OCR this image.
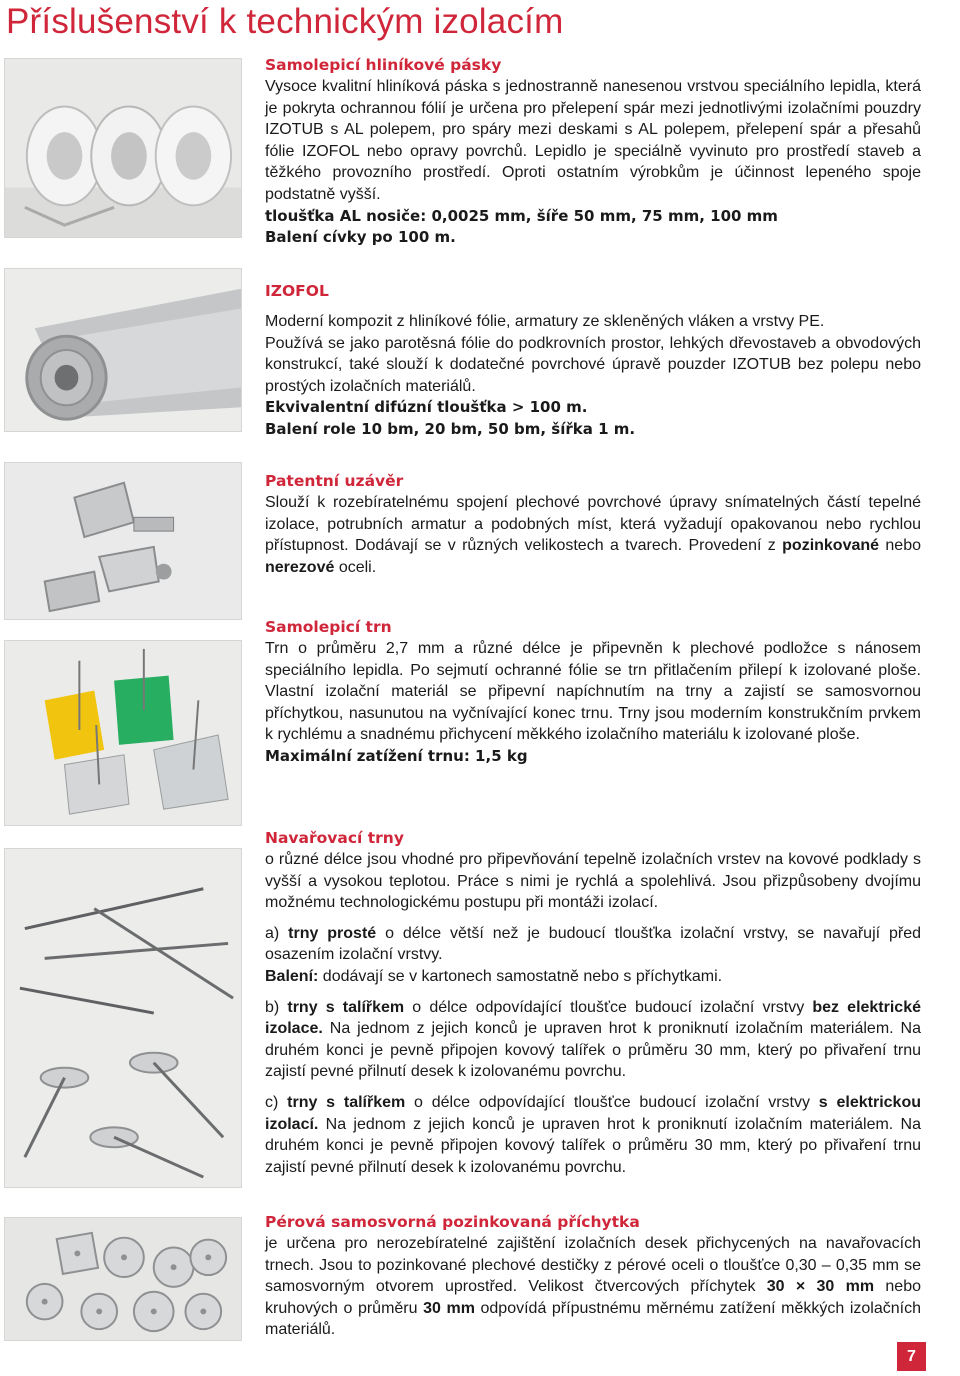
Příslušenství k technickým izolacím

Samolepicí hliníkové pásky

Vysoce kvalitní hliníková páska s jednostranně nanesenou vrstvou speciálního lepidla, která je pokryta ochrannou fólií je určena pro přelepení spár mezi jednotlivými izolačními pouzdry IZOTUB s AL polepem, pro spáry mezi deskami s AL polepem, přelepení spár a přesahů fólie IZOFOL nebo opravy povrchů. Lepidlo je speciálně vyvinuto pro prostředí staveb a těžkého provozního prostředí. Oproti ostatním výrobkům je účinnost lepeného spoje podstatně vyšší.

tloušťka AL nosiče: 0,0025 mm, šíře 50 mm, 75 mm, 100 mm

Balení cívky po 100 m.

IZOFOL

Moderní kompozit z hliníkové fólie, armatury ze skleněných vláken a vrstvy PE.

Používá se jako parotěsná fólie do podkrovních prostor, lehkých dřevostaveb a obvodových konstrukcí, také slouží k dodatečné povrchové úpravě pouzder IZOTUB bez polepu nebo prostých izolačních materiálů.

Ekvivalentní difúzní tloušťka > 100 m.

Balení role 10 bm, 20 bm, 50 bm, šířka 1 m.

Patentní uzávěr

Slouží k rozebíratelnému spojení plechové povrchové úpravy snímatelných částí tepelné izolace, potrubních armatur a podobných míst, která vyžadují opakovanou nebo rychlou přístupnost. Dodávají se v různých velikostech a tvarech. Provedení z pozinkované nebo nerezové oceli.

Samolepicí trn

Trn o průměru 2,7 mm a různé délce je připevněn k plechové podložce s nánosem speciálního lepidla. Po sejmutí ochranné fólie se trn přitlačením přilepí k izolované ploše. Vlastní izolační materiál se připevní napíchnutím na trny a zajistí se samosvornou příchytkou, nasunutou na vyčnívající konec trnu. Trny jsou moderním konstrukčním prvkem k rychlému a snadnému přichycení měkkého izolačního materiálu k izolované ploše.

Maximální zatížení trnu: 1,5 kg

Navařovací trny

o různé délce jsou vhodné pro připevňování tepelně izolačních vrstev na kovové podklady s vyšší a vysokou teplotou. Práce s nimi je rychlá a spolehlivá. Jsou přizpůsobeny dvojímu možnému technologickému postupu při montáži izolací.

a) trny prosté o délce větší než je budoucí tloušťka izolační vrstvy, se navařují před osazením izolační vrstvy.

Balení: dodávají se v kartonech samostatně nebo s příchytkami.

b) trny s talířkem o délce odpovídající tloušťce budoucí izolační vrstvy bez elektrické izolace. Na jednom z jejich konců je upraven hrot k proniknutí izolačním materiálem. Na druhém konci je pevně připojen kovový talířek o průměru 30 mm, který po přivaření trnu zajistí pevné přilnutí desek k izolovanému povrchu.

c) trny s talířkem o délce odpovídající tloušťce budoucí izolační vrstvy s elektrickou izolací. Na jednom z jejich konců je upraven hrot k proniknutí izolačním materiálem. Na druhém konci je pevně připojen kovový talířek o průměru 30 mm, který po přivaření trnu zajistí pevné přilnutí desek k izolovanému povrchu.

Pérová samosvorná pozinkovaná příchytka

je určena pro nerozebíratelné zajištění izolačních desek přichycených na navařovacích trnech. Jsou to pozinkované plechové destičky z pérové oceli o tloušťce 0,30 – 0,35 mm se samosvorným otvorem uprostřed. Velikost čtvercových příchytek 30 × 30 mm nebo kruhových o průměru 30 mm odpovídá přípustnému měrnému zatížení měkkých izolačních materiálů.

7
